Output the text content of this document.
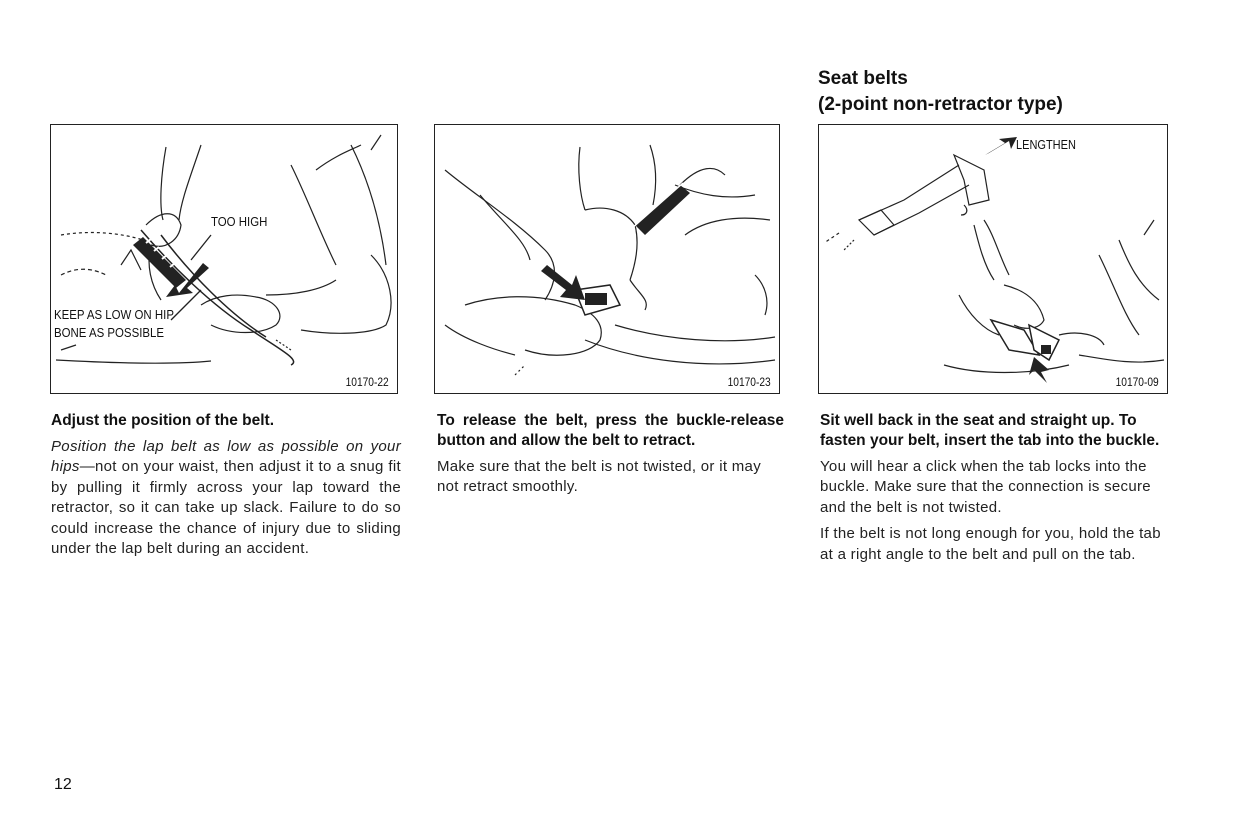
Seat belts
(2-point non-retractor type)
TOO HIGH
KEEP AS LOW ON HIP
BONE AS POSSIBLE
10170-22	10170-23
LENGTHEN
10170-09
Adjust the position of the belt.
Position the lap belt as low as possible on your hips—not on your waist, then adjust it to a snug fit by pulling it firmly across your lap toward the retractor, so it can take up slack. Failure to do so could increase the chance of injury due to sliding under the lap belt during an accident.
To release the belt, press the buckle-release button and allow the belt to retract.
Make sure that the belt is not twisted, or it may not retract smoothly.
Sit well back in the seat and straight up. To fasten your belt, insert the tab into the buckle.
You will hear a click when the tab locks into the buckle. Make sure that the connection is secure and the belt is not twisted.
If the belt is not long enough for you, hold the tab at a right angle to the belt and pull on the tab.
12
